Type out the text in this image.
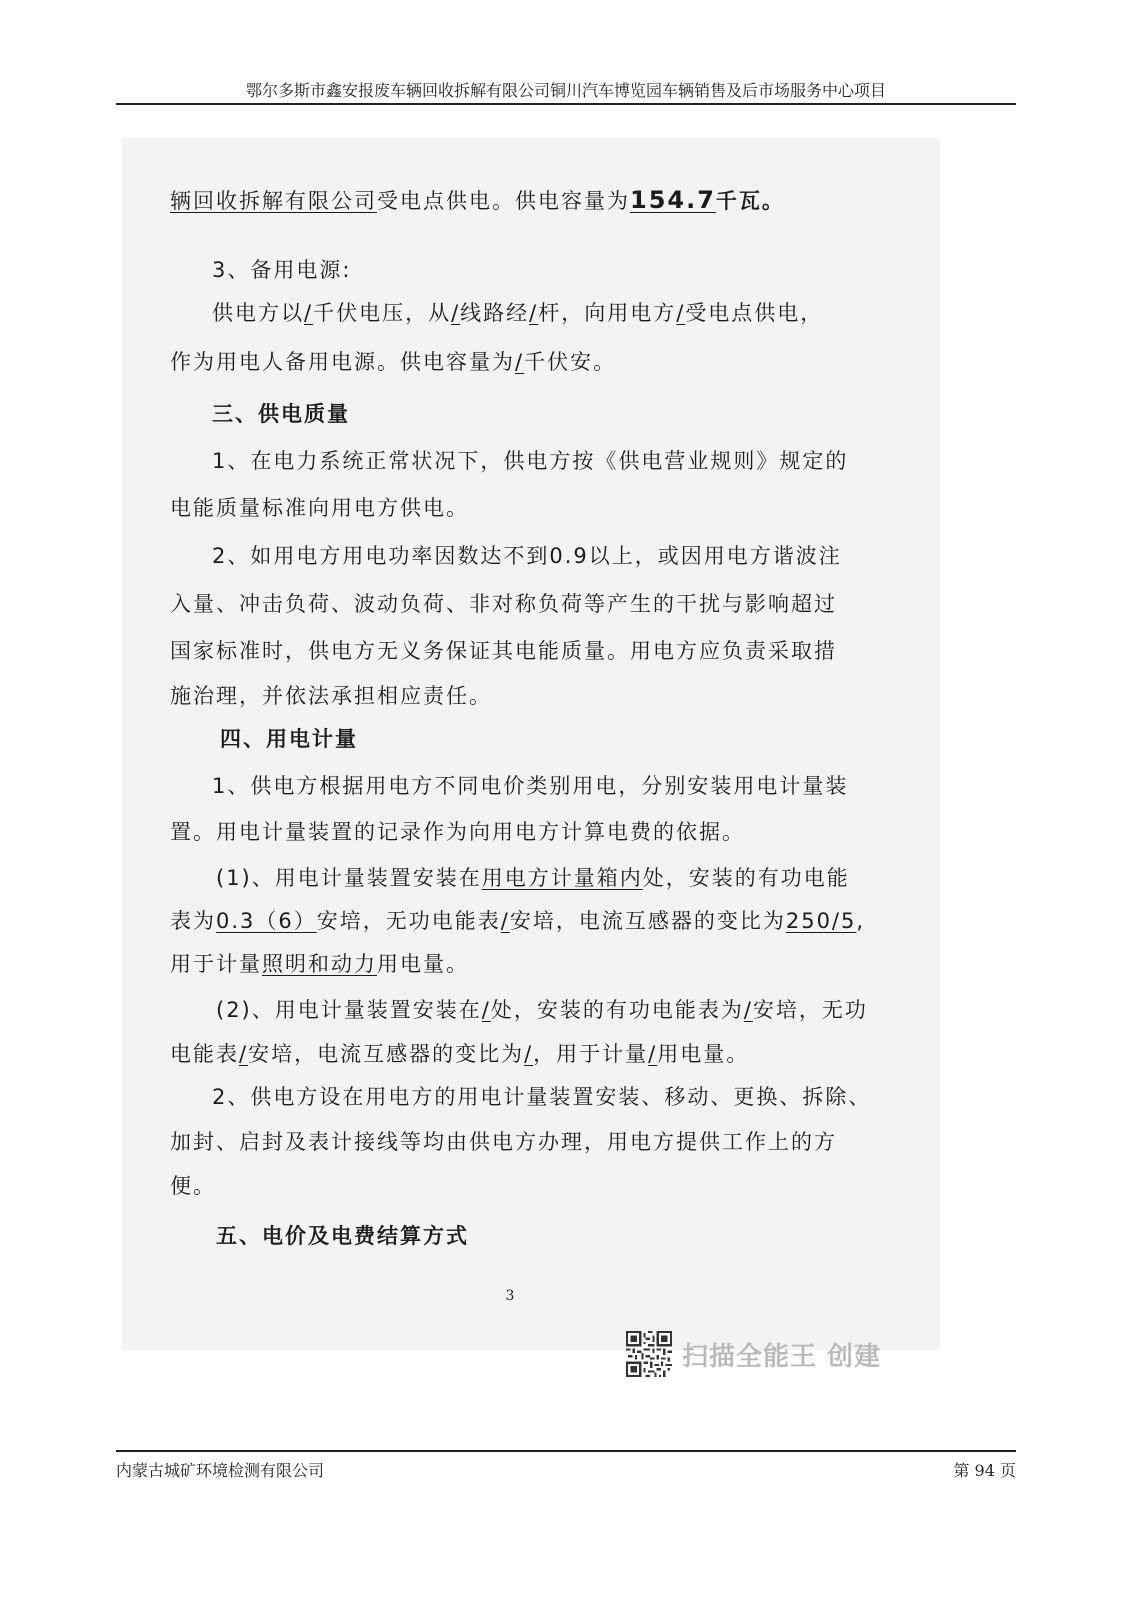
鄂尔多斯市鑫安报废车辆回收拆解有限公司铜川汽车博览园车辆销售及后市场服务中心项目
辆回收拆解有限公司受电点供电。供电容量为154.7千瓦。
3、备用电源:
供电方以/千伏电压，从/线路经/杆，向用电方/受电点供电，
作为用电人备用电源。供电容量为/千伏安。
三、供电质量
1、在电力系统正常状况下，供电方按《供电营业规则》规定的
电能质量标准向用电方供电。
2、如用电方用电功率因数达不到0.9以上，或因用电方谐波注
入量、冲击负荷、波动负荷、非对称负荷等产生的干扰与影响超过
国家标准时，供电方无义务保证其电能质量。用电方应负责采取措
施治理，并依法承担相应责任。
四、用电计量
1、供电方根据用电方不同电价类别用电，分别安装用电计量装
置。用电计量装置的记录作为向用电方计算电费的依据。
(1)、用电计量装置安装在用电方计量箱内处，安装的有功电能
表为0.3（6）安培，无功电能表/安培，电流互感器的变比为250/5,
用于计量照明和动力用电量。
(2)、用电计量装置安装在/处，安装的有功电能表为/安培，无功
电能表/安培，电流互感器的变比为/，用于计量/用电量。
2、供电方设在用电方的用电计量装置安装、移动、更换、拆除、
加封、启封及表计接线等均由供电方办理，用电方提供工作上的方
便。
五、电价及电费结算方式
3
扫描全能王 创建
内蒙古城矿环境检测有限公司	第 94 页
